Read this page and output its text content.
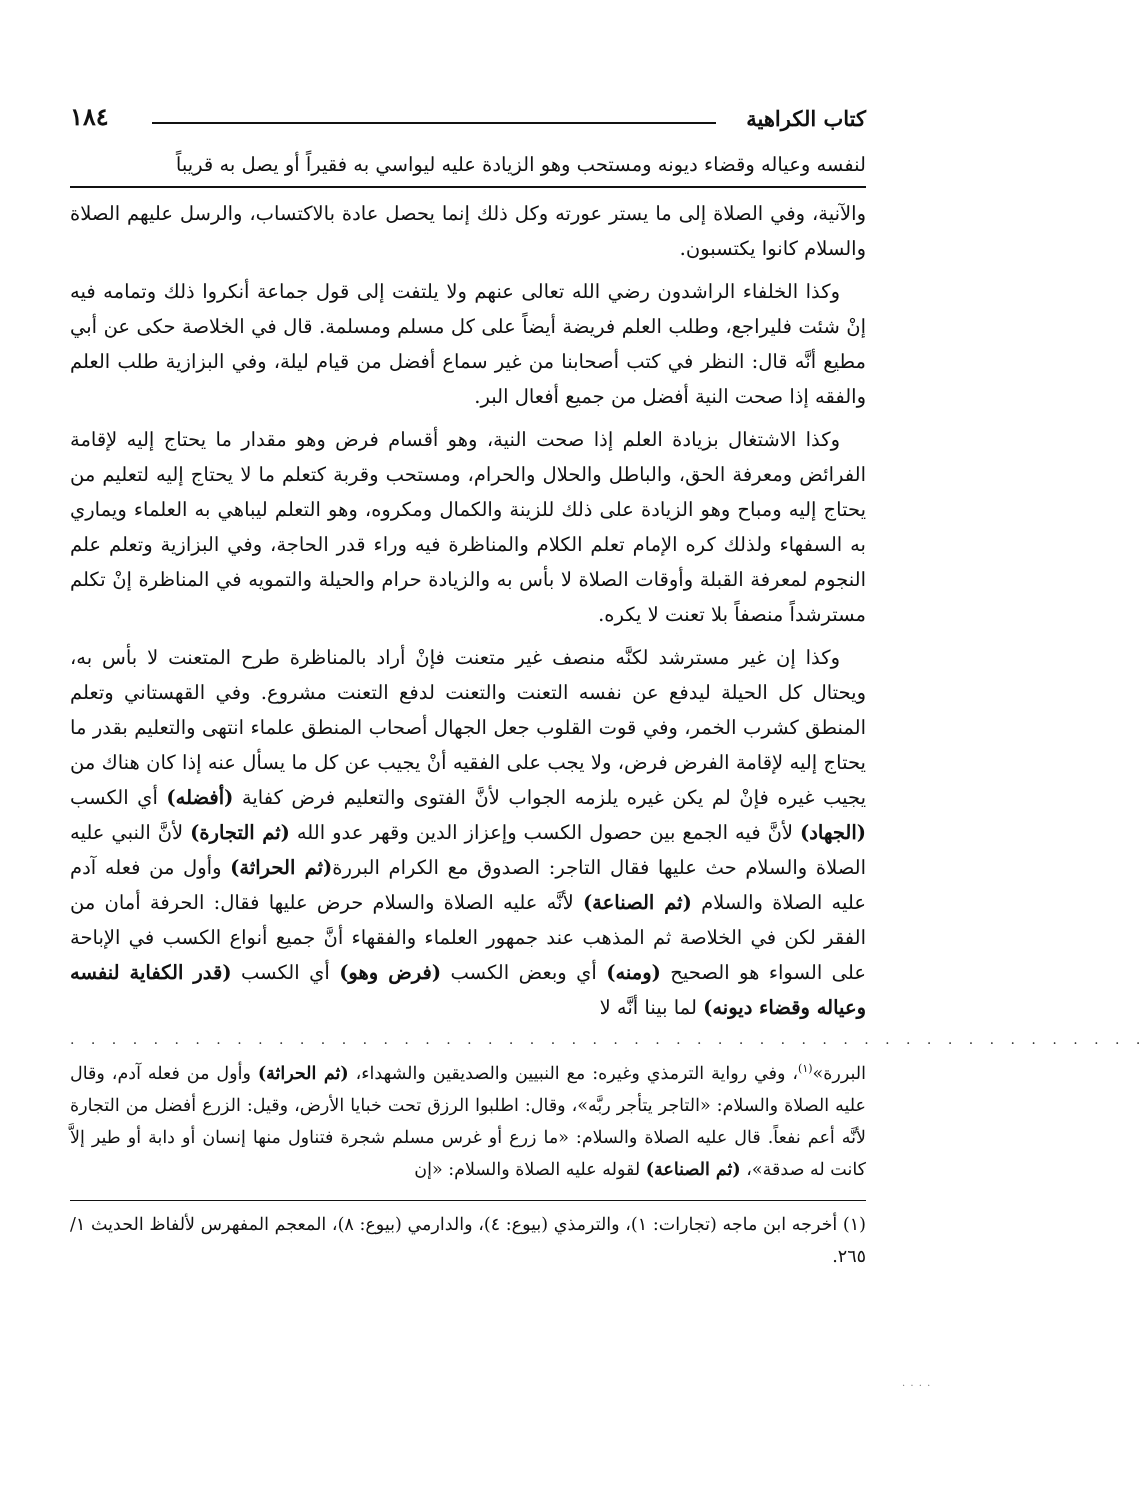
كتاب الكراهية
١٨٤
لنفسه وعياله وقضاء ديونه ومستحب وهو الزيادة عليه ليواسي به فقيراً أو يصل به قريباً

والآنية، وفي الصلاة إلى ما يستر عورته وكل ذلك إنما يحصل عادة بالاكتساب، والرسل عليهم الصلاة والسلام كانوا يكتسبون.

وكذا الخلفاء الراشدون رضي الله تعالى عنهم ولا يلتفت إلى قول جماعة أنكروا ذلك وتمامه فيه إنْ شئت فليراجع، وطلب العلم فريضة أيضاً على كل مسلم ومسلمة. قال في الخلاصة حكى عن أبي مطيع أنَّه قال: النظر في كتب أصحابنا من غير سماع أفضل من قيام ليلة، وفي البزازية طلب العلم والفقه إذا صحت النية أفضل من جميع أفعال البر.

وكذا الاشتغال بزيادة العلم إذا صحت النية، وهو أقسام فرض وهو مقدار ما يحتاج إليه لإقامة الفرائض ومعرفة الحق، والباطل والحلال والحرام، ومستحب وقربة كتعلم ما لا يحتاج إليه لتعليم من يحتاج إليه ومباح وهو الزيادة على ذلك للزينة والكمال ومكروه، وهو التعلم ليباهي به العلماء ويماري به السفهاء ولذلك كره الإمام تعلم الكلام والمناظرة فيه وراء قدر الحاجة، وفي البزازية وتعلم علم النجوم لمعرفة القبلة وأوقات الصلاة لا بأس به والزيادة حرام والحيلة والتمويه في المناظرة إنْ تكلم مسترشداً منصفاً بلا تعنت لا يكره.

وكذا إن غير مسترشد لكنَّه منصف غير متعنت فإنْ أراد بالمناظرة طرح المتعنت لا بأس به، ويحتال كل الحيلة ليدفع عن نفسه التعنت والتعنت لدفع التعنت مشروع. وفي القهستاني وتعلم المنطق كشرب الخمر، وفي قوت القلوب جعل الجهال أصحاب المنطق علماء انتهى والتعليم بقدر ما يحتاج إليه لإقامة الفرض فرض، ولا يجب على الفقيه أنْ يجيب عن كل ما يسأل عنه إذا كان هناك من يجيب غيره فإنْ لم يكن غيره يلزمه الجواب لأنَّ الفتوى والتعليم فرض كفاية (أفضله) أي الكسب (الجهاد) لأنَّ فيه الجمع بين حصول الكسب وإعزاز الدين وقهر عدو الله (ثم التجارة) لأنَّ النبي عليه الصلاة والسلام حث عليها فقال التاجر: الصدوق مع الكرام البررة(ثم الحراثة) وأول من فعله آدم عليه الصلاة والسلام (ثم الصناعة) لأنَّه عليه الصلاة والسلام حرض عليها فقال: الحرفة أمان من الفقر لكن في الخلاصة ثم المذهب عند جمهور العلماء والفقهاء أنَّ جميع أنواع الكسب في الإباحة على السواء هو الصحيح (ومنه) أي وبعض الكسب (فرض وهو) أي الكسب (قدر الكفاية لنفسه وعياله وقضاء ديونه) لما بينا أنَّه لا

. . . . . . . . . . . . . . . . . . . . . . . . . . . . . . . . . . . . . . . . . . . . . . . . . . . .

البررة»$^{(١)}$، وفي رواية الترمذي وغيره: مع النبيين والصديقين والشهداء، (ثم الحراثة) وأول من فعله آدم، وقال عليه الصلاة والسلام: «التاجر يتأجر ربَّه»، وقال: اطلبوا الرزق تحت خبايا الأرض، وقيل: الزرع أفضل من التجارة لأنَّه أعم نفعاً. قال عليه الصلاة والسلام: «ما زرع أو غرس مسلم شجرة فتناول منها إنسان أو دابة أو طير إلاَّ كانت له صدقة»، (ثم الصناعة) لقوله عليه الصلاة والسلام: «إن

(١) أخرجه ابن ماجه (تجارات: ١)، والترمذي (بيوع: ٤)، والدارمي (بيوع: ٨)، المعجم المفهرس لألفاظ الحديث ١/ ٢٦٥.

. . . .
